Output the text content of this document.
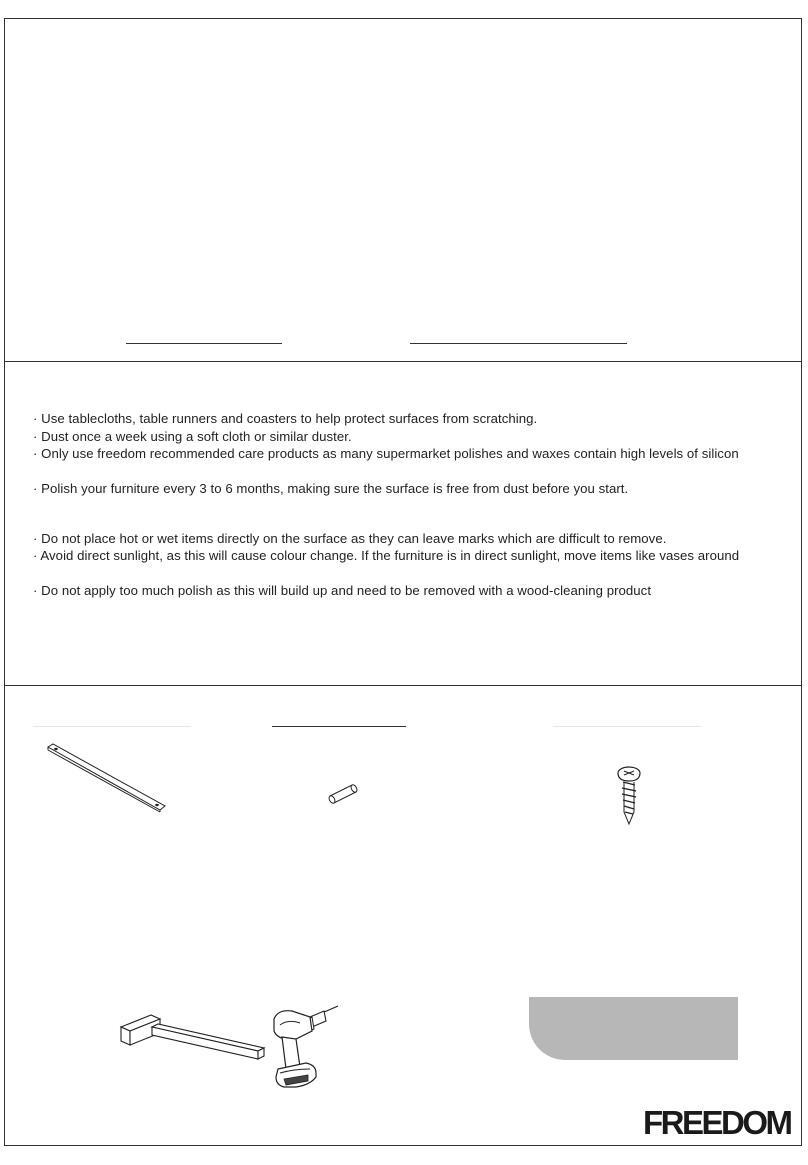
· Use tablecloths, table runners and coasters to help protect surfaces from scratching.
· Dust once a week using a soft cloth or similar duster.
· Only use freedom recommended care products as many supermarket polishes and waxes contain high levels of silicon
· Polish your furniture every 3 to 6 months, making sure the surface is free from dust before you start.
· Do not place hot or wet items directly on the surface as they can leave marks which are difficult to remove.
· Avoid direct sunlight, as this will cause colour change. If the furniture is in direct sunlight, move items like vases around
· Do not apply too much polish as this will build up and need to be removed with a wood-cleaning product
FREEDOM
